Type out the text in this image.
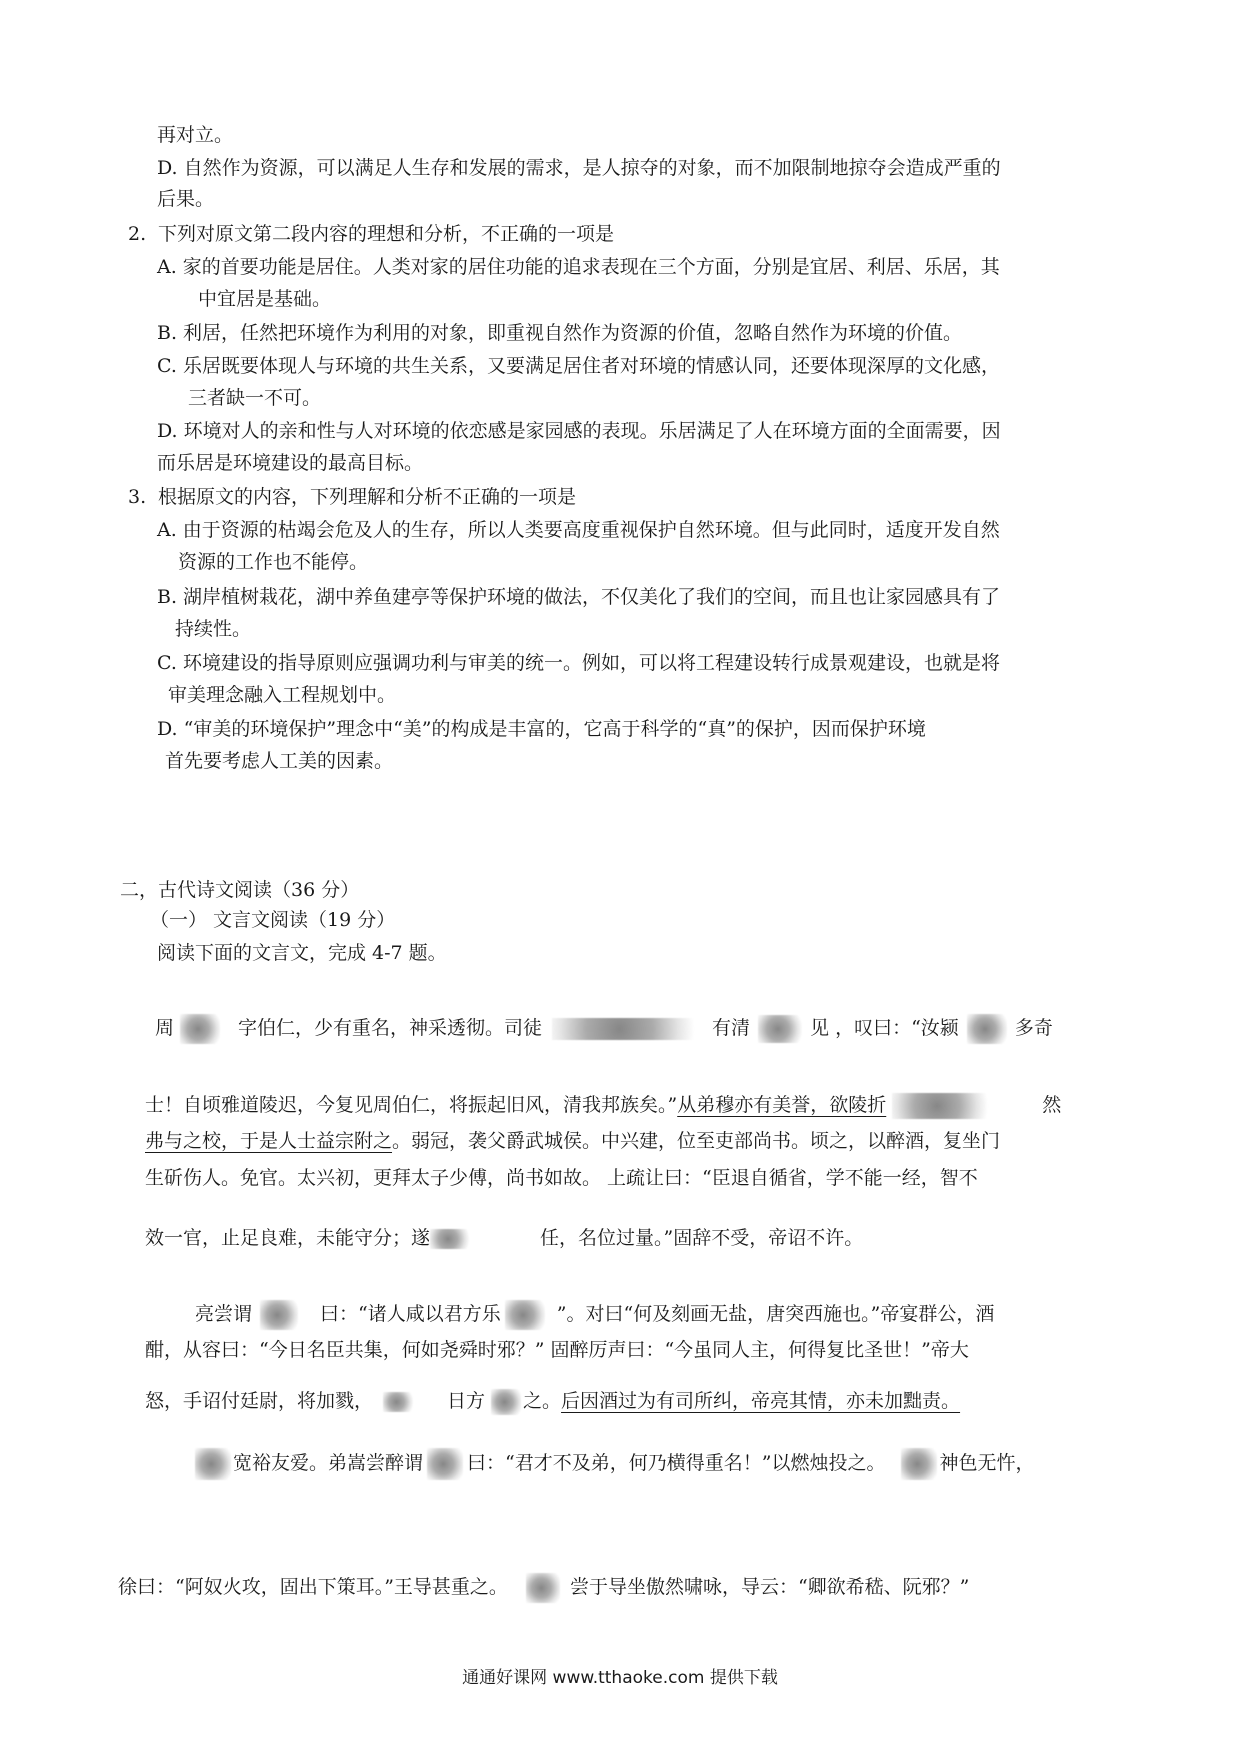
再对立。
D. 自然作为资源，可以满足人生存和发展的需求，是人掠夺的对象，而不加限制地掠夺会造成严重的
后果。
2. 下列对原文第二段内容的理想和分析，不正确的一项是
A. 家的首要功能是居住。人类对家的居住功能的追求表现在三个方面，分别是宜居、利居、乐居，其
中宜居是基础。
B. 利居，任然把环境作为利用的对象，即重视自然作为资源的价值，忽略自然作为环境的价值。
C. 乐居既要体现人与环境的共生关系，又要满足居住者对环境的情感认同，还要体现深厚的文化感，
三者缺一不可。
D. 环境对人的亲和性与人对环境的依恋感是家园感的表现。乐居满足了人在环境方面的全面需要，因
而乐居是环境建设的最高目标。
3. 根据原文的内容，下列理解和分析不正确的一项是
A. 由于资源的枯竭会危及人的生存，所以人类要高度重视保护自然环境。但与此同时，适度开发自然
资源的工作也不能停。
B. 湖岸植树栽花，湖中养鱼建亭等保护环境的做法，不仅美化了我们的空间，而且也让家园感具有了
持续性。
C. 环境建设的指导原则应强调功利与审美的统一。例如，可以将工程建设转行成景观建设，也就是将
审美理念融入工程规划中。
D. “审美的环境保护”理念中“美”的构成是丰富的，它高于科学的“真”的保护，因而保护环境
首先要考虑人工美的因素。
二，古代诗文阅读（36 分）
（一） 文言文阅读（19 分）
阅读下面的文言文，完成 4-7 题。
周	字伯仁，少有重名，神采透彻。司徒	有清	见 ，叹曰：“汝颍	多奇
士！自顷雅道陵迟，今复见周伯仁，将振起旧风，清我邦族矣。”从弟穆亦有美誉，欲陵折	然
弗与之校，于是人士益宗附之。弱冠，袭父爵武城侯。中兴建，位至吏部尚书。顷之，以醉酒，复坐门
生斫伤人。免官。太兴初，更拜太子少傅，尚书如故。 上疏让曰：“臣退自循省，学不能一经，智不
效一官，止足良难，未能守分；遂	任，名位过量。”固辞不受，帝诏不许。
亮尝谓	曰：“诸人咸以君方乐	”。对曰“何及刻画无盐，唐突西施也。”帝宴群公，酒
酣，从容曰：“今日名臣共集，何如尧舜时邪？” 固醉厉声曰：“今虽同人主，何得复比圣世！”帝大
怒，手诏付廷尉，将加戮，	日方 之。后因酒过为有司所纠，帝亮其情，亦未加黜责。
宽裕友爱。弟嵩尝醉谓 曰：“君才不及弟，何乃横得重名！”以燃烛投之。	神色无忤，
徐曰：“阿奴火攻，固出下策耳。”王导甚重之。	尝于导坐傲然啸咏，导云：“卿欲希嵇、阮邪？”
通通好课网 www.tthaoke.com 提供下载
